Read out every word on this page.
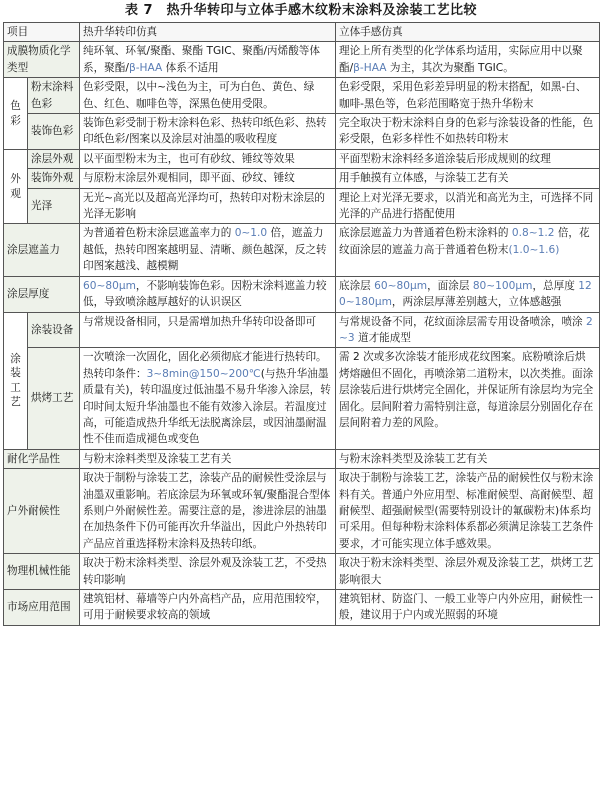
表 7　热升华转印与立体手感木纹粉末涂料及涂装工艺比较
项目		热升华转印仿真	立体手感仿真
成膜物质化学类型		纯环氧、环氧/聚酯、聚酯 TGIC、聚酯/丙烯酸等体系，聚酯/β-HAA 体系不适用	理论上所有类型的化学体系均适用，实际应用中以聚酯/β-HAA 为主，其次为聚酯 TGIC。

色
彩	粉末涂料色彩	色彩受限，以中~浅色为主，可为白色、黄色、绿色、红色、咖啡色等，深黑色使用受限。	色彩受限，采用色彩差异明显的粉末搭配，如黑-白、咖啡-黑色等，色彩范围略宽于热升华粉末
	装饰色彩	装饰色彩受制于粉末涂料色彩、热转印纸色彩、热转印纸色彩/图案以及涂层对油墨的吸收程度	完全取决于粉末涂料自身的色彩与涂装设备的性能，色彩受限，色彩多样性不如热转印粉末

外
观	涂层外观	以平面型粉末为主，也可有砂纹、锤纹等效果	平面型粉末涂料经多道涂装后形成规则的纹理
	装饰外观	与原粉末涂层外观相同，即平面、砂纹、锤纹	用手触摸有立体感，与涂装工艺有关
	光泽	无光~高光以及超高光泽均可，热转印对粉末涂层的光泽无影响	理论上对光泽无要求，以消光和高光为主，可选择不同光泽的产品进行搭配使用
涂层遮盖力		为普通着色粉末涂层遮盖率力的 0~1.0 倍，遮盖力越低，热转印图案越明显、清晰、颜色越深，反之转印图案越浅、越模糊	底涂层遮盖力为普通着色粉末涂料的 0.8~1.2 倍，花纹面涂层的遮盖力高于普通着色粉末(1.0~1.6)
涂层厚度		60~80μm，不影响装饰色彩。因粉末涂料遮盖力较低，导致喷涂越厚越好的认识误区	底涂层 60~80μm，面涂层 80~100μm，总厚度 120~180μm，两涂层厚薄差别越大，立体感越强

涂
装
工
艺	涂装设备	与常规设备相同，只是需增加热升华转印设备即可	与常规设备不同，花纹面涂层需专用设备喷涂，喷涂 2~3 道才能成型
	烘烤工艺	一次喷涂一次固化，固化必须彻底才能进行热转印。热转印条件：3~8min@150~200℃(与热升华油墨质量有关)，转印温度过低油墨不易升华渗入涂层，转印时间太短升华油墨也不能有效渗入涂层。若温度过高，可能造成热升华纸无法脱离涂层，或因油墨耐温性不佳而造成褪色或变色	需 2 次或多次涂装才能形成花纹图案。底粉喷涂后烘烤熔融但不固化，再喷涂第二道粉末，以次类推。面涂层涂装后进行烘烤完全固化，并保证所有涂层均为完全固化。层间附着力需特别注意，每道涂层分别固化存在层间附着力差的风险。
耐化学品性		与粉末涂料类型及涂装工艺有关	与粉末涂料类型及涂装工艺有关
户外耐候性		取决于制粉与涂装工艺，涂装产品的耐候性受涂层与油墨双重影响。若底涂层为环氧或环氧/聚酯混合型体系则户外耐候性差。需要注意的是，渗进涂层的油墨在加热条件下仍可能再次升华溢出，因此户外热转印产品应首重选择粉末涂料及热转印纸。	取决于制粉与涂装工艺，涂装产品的耐候性仅与粉末涂料有关。普通户外应用型、标准耐候型、高耐候型、超耐候型、超强耐候型(需要特别设计的氟碳粉末)体系均可采用。但每种粉末涂料体系都必须满足涂装工艺条件要求，才可能实现立体手感效果。
物理机械性能		取决于粉末涂料类型、涂层外观及涂装工艺，不受热转印影响	取决于粉末涂料类型、涂层外观及涂装工艺，烘烤工艺影响很大
市场应用范围		建筑铝材、幕墙等户内外高档产品，应用范围较窄，可用于耐候要求较高的领域	建筑铝材、防盗门、一般工业等户内外应用，耐候性一般，建议用于户内或光照弱的环境
